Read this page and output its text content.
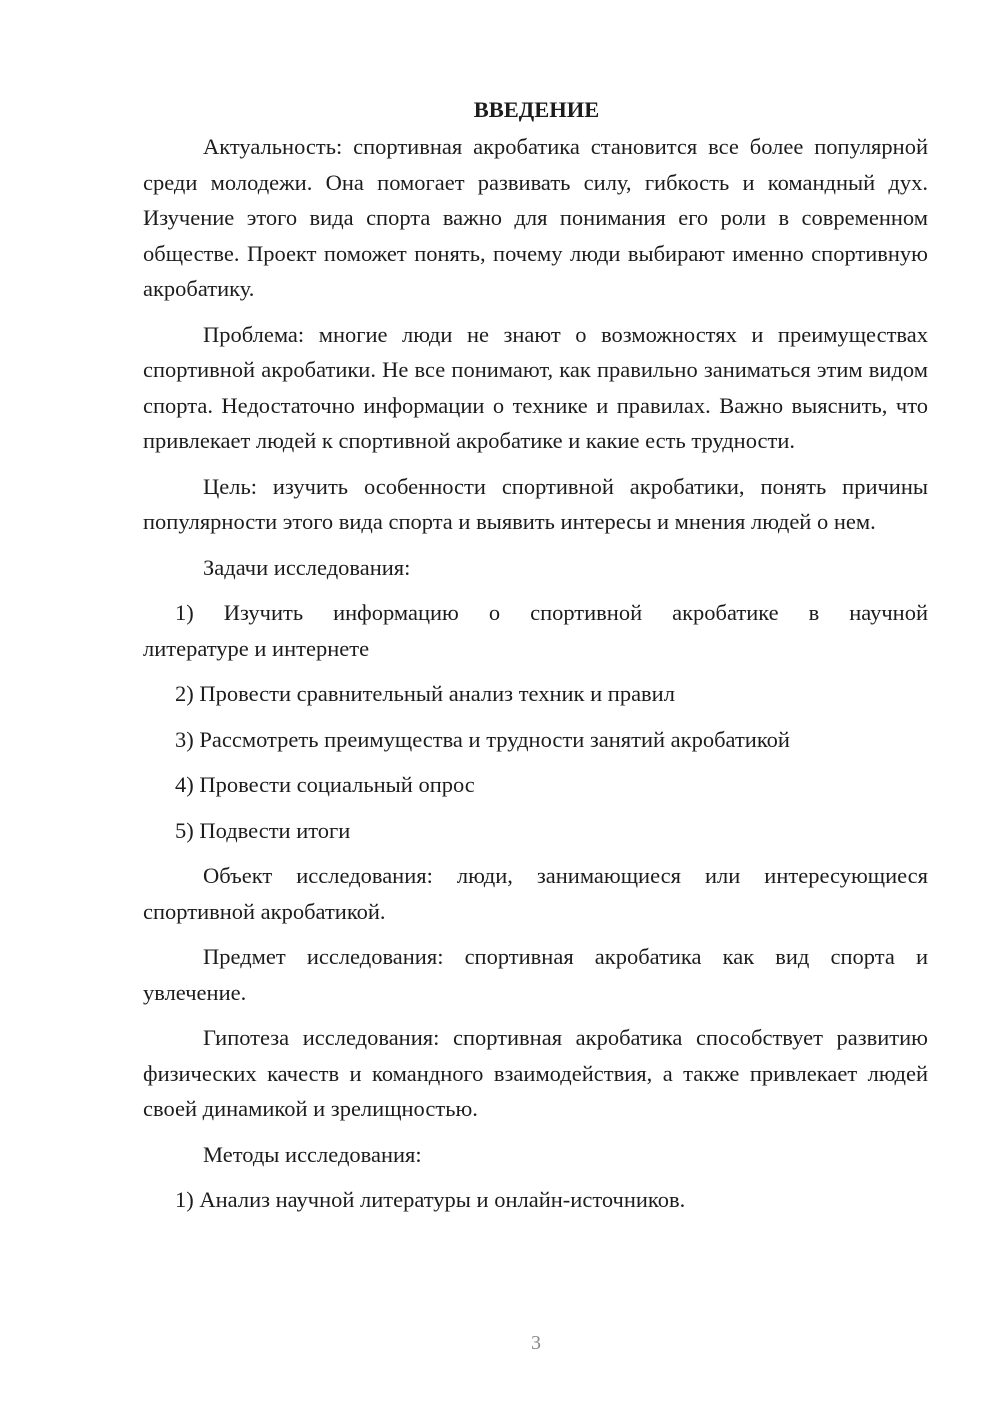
ВВЕДЕНИЕ

Актуальность: спортивная акробатика становится все более популярной среди молодежи. Она помогает развивать силу, гибкость и командный дух. Изучение этого вида спорта важно для понимания его роли в современном обществе. Проект поможет понять, почему люди выбирают именно спортивную акробатику.

Проблема: многие люди не знают о возможностях и преимуществах спортивной акробатики. Не все понимают, как правильно заниматься этим видом спорта. Недостаточно информации о технике и правилах. Важно выяснить, что привлекает людей к спортивной акробатике и какие есть трудности.

Цель: изучить особенности спортивной акробатики, понять причины популярности этого вида спорта и выявить интересы и мнения людей о нем.

Задачи исследования:

1) Изучить информацию о спортивной акробатике в научной
литературе и интернете

2) Провести сравнительный анализ техник и правил

3) Рассмотреть преимущества и трудности занятий акробатикой

4) Провести социальный опрос

5) Подвести итоги

Объект исследования: люди, занимающиеся или интересующиеся спортивной акробатикой.

Предмет исследования: спортивная акробатика как вид спорта и увлечение.

Гипотеза исследования: спортивная акробатика способствует развитию физических качеств и командного взаимодействия, а также привлекает людей своей динамикой и зрелищностью.

Методы исследования:

1) Анализ научной литературы и онлайн-источников.

3
